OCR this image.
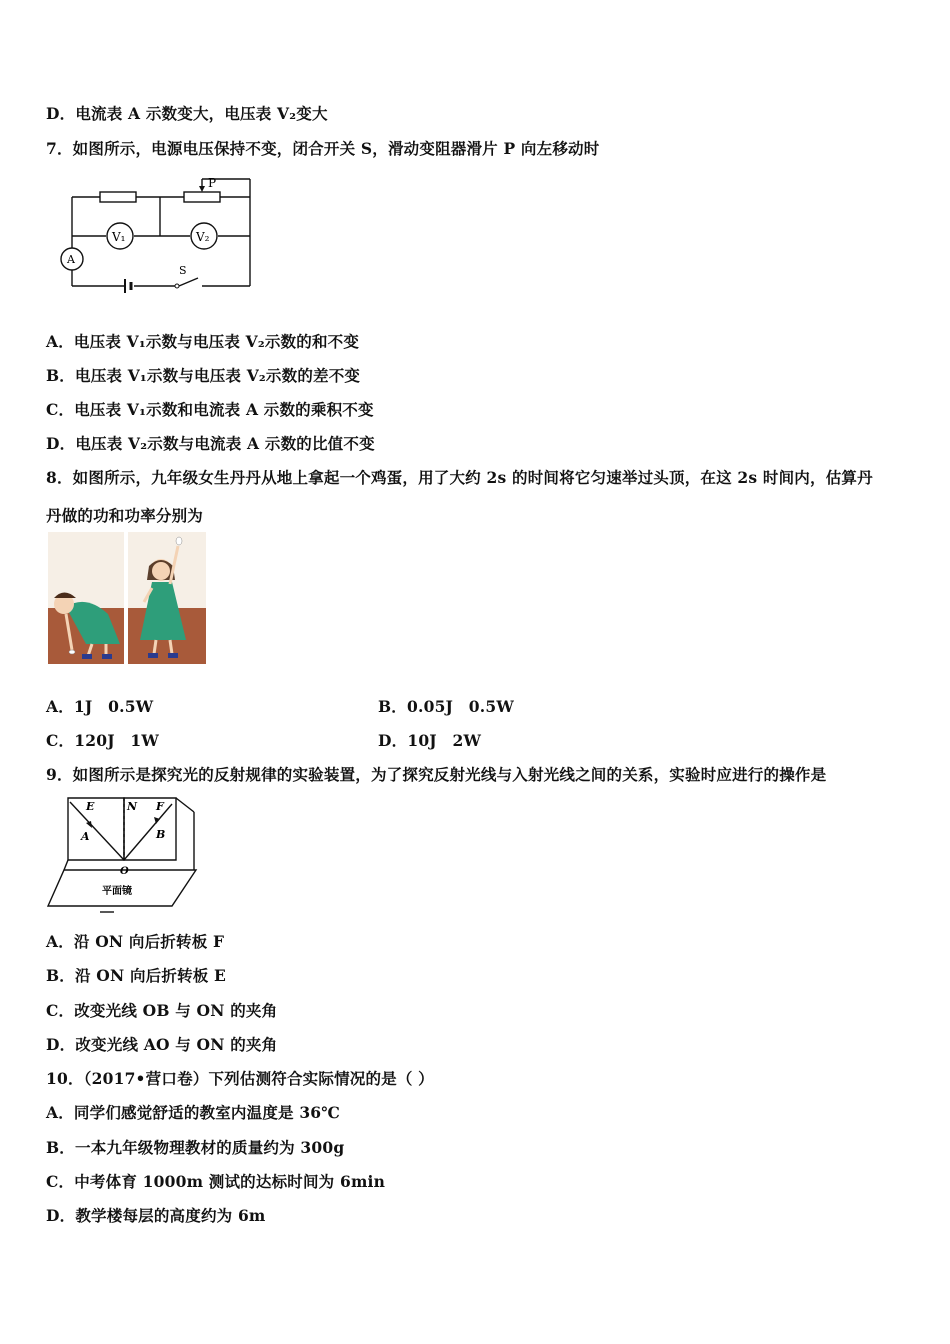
D．电流表 A 示数变大，电压表 V₂变大
7．如图所示，电源电压保持不变，闭合开关 S，滑动变阻器滑片 P 向左移动时
P
V₁	V₂
A
S
A．电压表 V₁示数与电压表 V₂示数的和不变
B．电压表 V₁示数与电压表 V₂示数的差不变
C．电压表 V₁示数和电流表 A 示数的乘积不变
D．电压表 V₂示数与电流表 A 示数的比值不变
8．如图所示，九年级女生丹丹从地上拿起一个鸡蛋，用了大约 2s 的时间将它匀速举过头顶，在这 2s 时间内，估算丹
丹做的功和功率分别为
A．1J　0.5W	B．0.05J　0.5W
C．120J　1W	D．10J　2W
9．如图所示是探究光的反射规律的实验装置，为了探究反射光线与入射光线之间的关系，实验时应进行的操作是
E	N F
A	B
O
平面镜
A．沿 ON 向后折转板 F
B．沿 ON 向后折转板 E
C．改变光线 OB 与 ON 的夹角
D．改变光线 AO 与 ON 的夹角
10．（2017•营口卷）下列估测符合实际情况的是（ ）
A．同学们感觉舒适的教室内温度是 36℃
B．一本九年级物理教材的质量约为 300g
C．中考体育 1000m 测试的达标时间为 6min
D．教学楼每层的高度约为 6m
